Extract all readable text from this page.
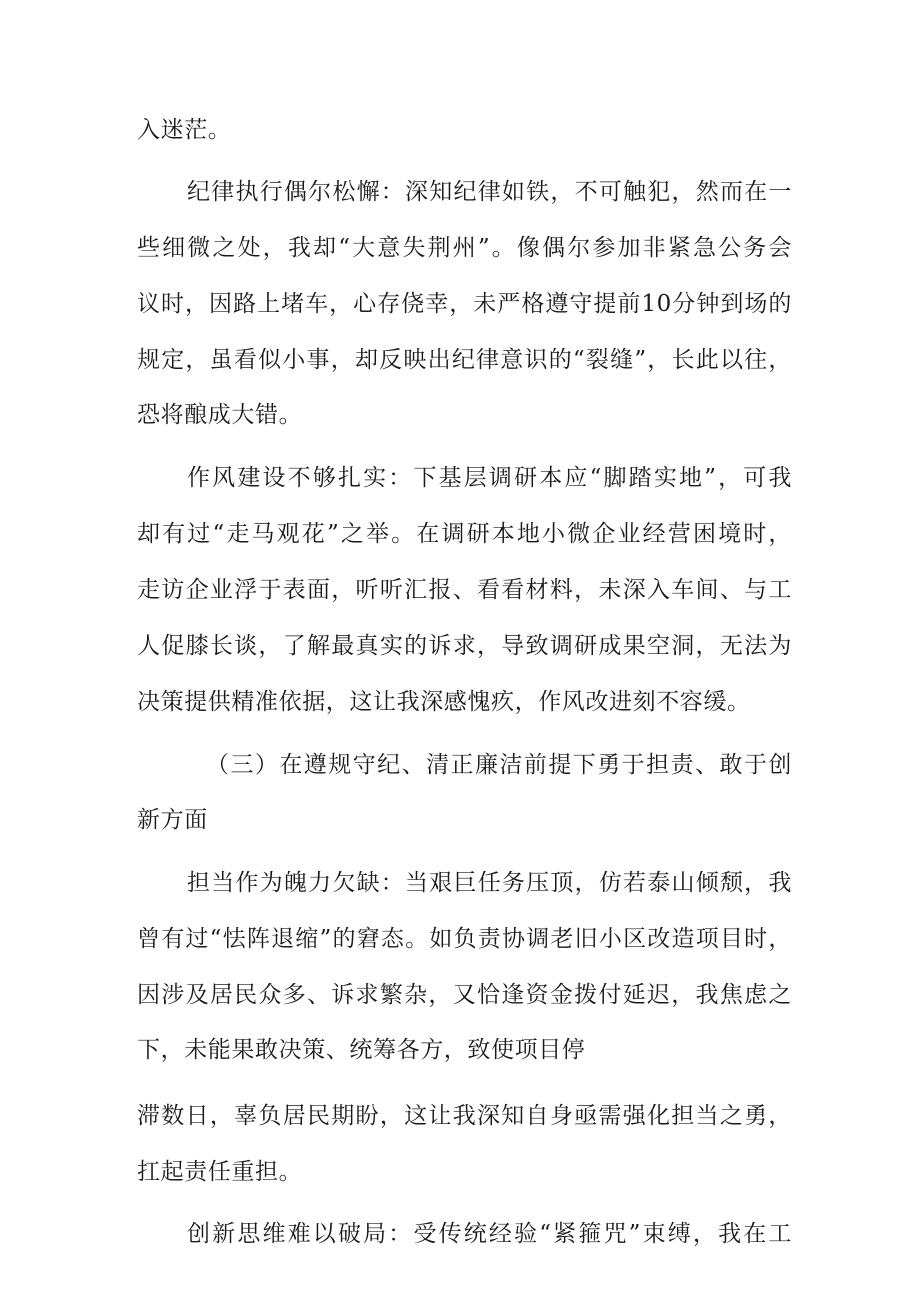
入迷茫。
纪律执行偶尔松懈：深知纪律如铁，不可触犯，然而在一
些细微之处，我却“大意失荆州”。像偶尔参加非紧急公务会
议时，因路上堵车，心存侥幸，未严格遵守提前10分钟到场的
规定，虽看似小事，却反映出纪律意识的“裂缝”，长此以往，
恐将酿成大错。
作风建设不够扎实：下基层调研本应“脚踏实地”，可我
却有过“走马观花”之举。在调研本地小微企业经营困境时，
走访企业浮于表面，听听汇报、看看材料，未深入车间、与工
人促膝长谈，了解最真实的诉求，导致调研成果空洞，无法为
决策提供精准依据，这让我深感愧疚，作风改进刻不容缓。
（三）在遵规守纪、清正廉洁前提下勇于担责、敢于创
新方面
担当作为魄力欠缺：当艰巨任务压顶，仿若泰山倾颓，我
曾有过“怯阵退缩”的窘态。如负责协调老旧小区改造项目时，
因涉及居民众多、诉求繁杂，又恰逢资金拨付延迟，我焦虑之
下，未能果敢决策、统筹各方，致使项目停
滞数日，辜负居民期盼，这让我深知自身亟需强化担当之勇，
扛起责任重担。
创新思维难以破局：受传统经验“紧箍咒”束缚，我在工
